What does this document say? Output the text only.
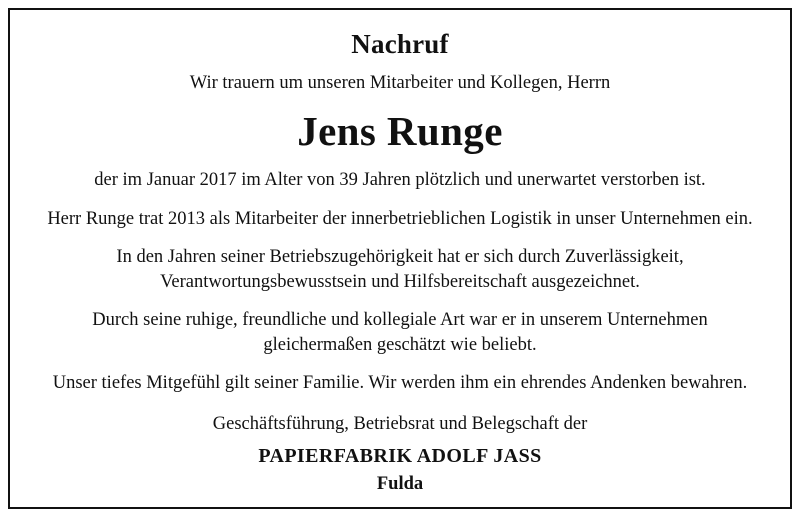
Nachruf
Wir trauern um unseren Mitarbeiter und Kollegen, Herrn
Jens Runge

der im Januar 2017 im Alter von 39 Jahren plötzlich und unerwartet verstorben ist.

Herr Runge trat 2013 als Mitarbeiter der innerbetrieblichen Logistik in unser Unternehmen ein.

In den Jahren seiner Betriebszugehörigkeit hat er sich durch Zuverlässigkeit, Verantwortungsbewusstsein und Hilfsbereitschaft ausgezeichnet.

Durch seine ruhige, freundliche und kollegiale Art war er in unserem Unternehmen gleichermaßen geschätzt wie beliebt.

Unser tiefes Mitgefühl gilt seiner Familie. Wir werden ihm ein ehrendes Andenken bewahren.

Geschäftsführung, Betriebsrat und Belegschaft der
PAPIERFABRIK ADOLF JASS
Fulda
